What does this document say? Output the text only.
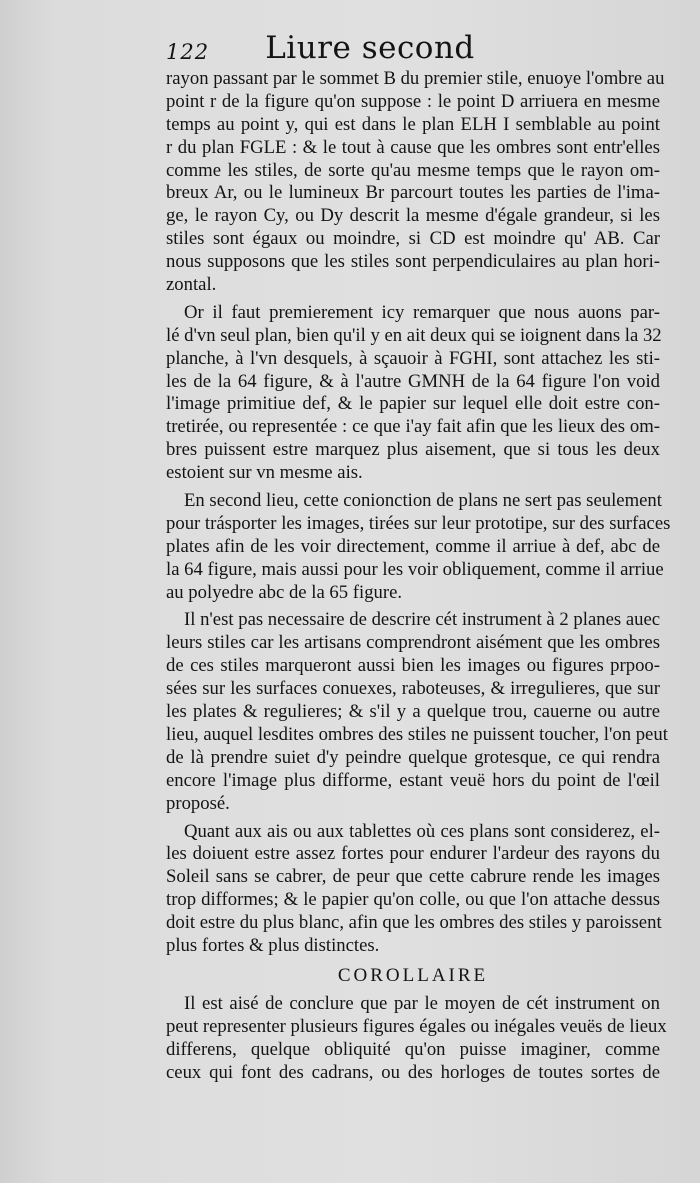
122	Liure second
rayon passant par le sommet B du premier stile, enuoye l'ombre au
point r de la figure qu'on suppose : le point D arriuera en mesme
temps au point y, qui est dans le plan ELH I semblable au point
r du plan FGLE : & le tout à cause que les ombres sont entr'elles
comme les stiles, de sorte qu'au mesme temps que le rayon om-
breux Ar, ou le lumineux Br parcourt toutes les parties de l'ima-
ge, le rayon Cy, ou Dy descrit la mesme d'égale grandeur, si les
stiles sont égaux ou moindre, si CD est moindre qu' AB. Car
nous supposons que les stiles sont perpendiculaires au plan hori-
zontal.
Or il faut premierement icy remarquer que nous auons par-
lé d'vn seul plan, bien qu'il y en ait deux qui se ioignent dans la 32
planche, à l'vn desquels, à sçauoir à FGHI, sont attachez les sti-
les de la 64 figure, & à l'autre GMNH de la 64 figure l'on void
l'image primitiue def, & le papier sur lequel elle doit estre con-
tretirée, ou representée : ce que i'ay fait afin que les lieux des om-
bres puissent estre marquez plus aisement, que si tous les deux
estoient sur vn mesme ais.
En second lieu, cette conionction de plans ne sert pas seulement
pour trásporter les images, tirées sur leur prototipe, sur des surfaces
plates afin de les voir directement, comme il arriue à def, abc de
la 64 figure, mais aussi pour les voir obliquement, comme il arriue
au polyedre abc de la 65 figure.
Il n'est pas necessaire de descrire cét instrument à 2 planes auec
leurs stiles car les artisans comprendront aisément que les ombres
de ces stiles marqueront aussi bien les images ou figures prpoo-
sées sur les surfaces conuexes, raboteuses, & irregulieres, que sur
les plates & regulieres; & s'il y a quelque trou, cauerne ou autre
lieu, auquel lesdites ombres des stiles ne puissent toucher, l'on peut
de là prendre suiet d'y peindre quelque grotesque, ce qui rendra
encore l'image plus difforme, estant veuë hors du point de l'œil
proposé.
Quant aux ais ou aux tablettes où ces plans sont considerez, el-
les doiuent estre assez fortes pour endurer l'ardeur des rayons du
Soleil sans se cabrer, de peur que cette cabrure rende les images
trop difformes; & le papier qu'on colle, ou que l'on attache dessus
doit estre du plus blanc, afin que les ombres des stiles y paroissent
plus fortes & plus distinctes.
COROLLAIRE
Il est aisé de conclure que par le moyen de cét instrument on
peut representer plusieurs figures égales ou inégales veuës de lieux
differens, quelque obliquité qu'on puisse imaginer, comme
ceux qui font des cadrans, ou des horloges de toutes sortes de
